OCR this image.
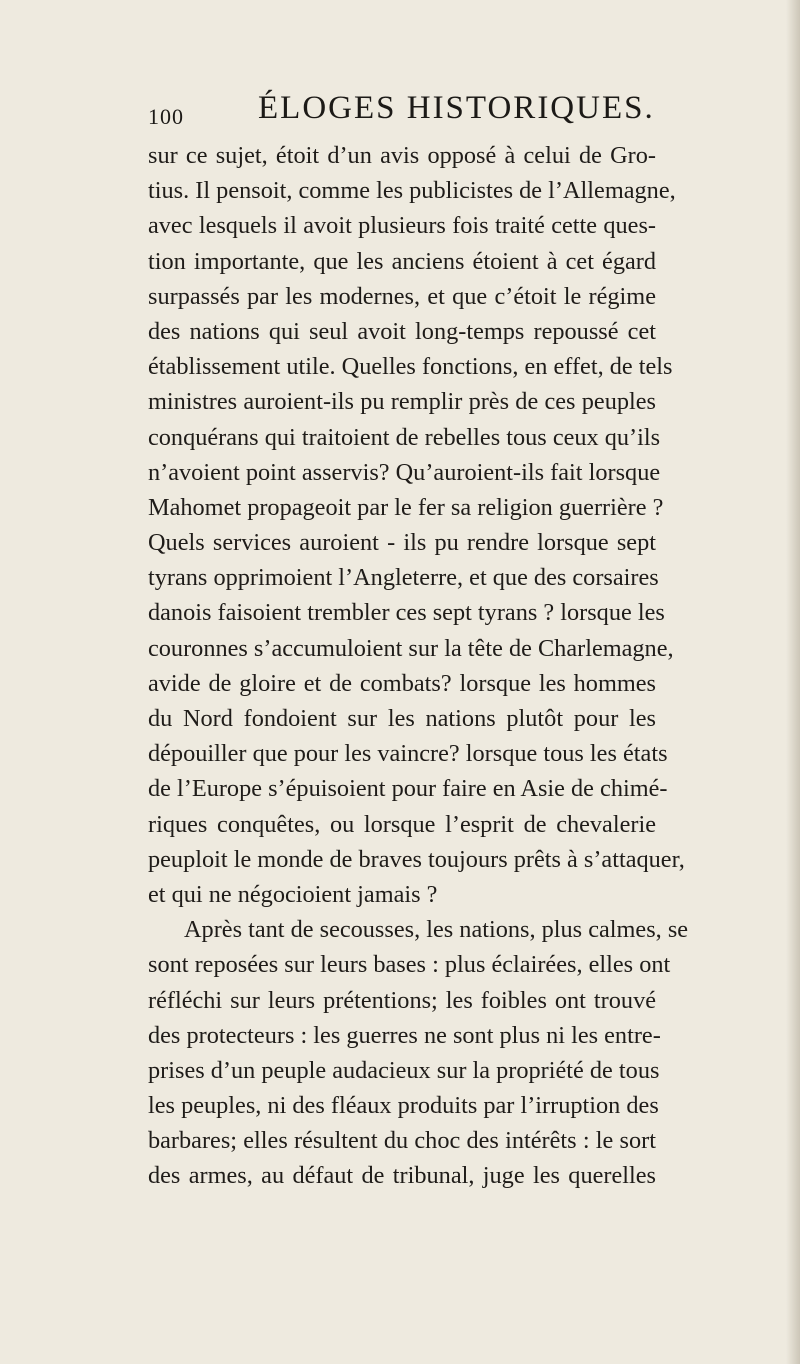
100 ÉLOGES HISTORIQUES.
sur ce sujet, étoit d’un avis opposé à celui de Gro-
tius. Il pensoit, comme les publicistes de l’Allemagne,
avec lesquels il avoit plusieurs fois traité cette ques-
tion importante, que les anciens étoient à cet égard
surpassés par les modernes, et que c’étoit le régime
des nations qui seul avoit long-temps repoussé cet
établissement utile. Quelles fonctions, en effet, de tels
ministres auroient-ils pu remplir près de ces peuples
conquérans qui traitoient de rebelles tous ceux qu’ils
n’avoient point asservis? Qu’auroient-ils fait lorsque
Mahomet propageoit par le fer sa religion guerrière ?
Quels services auroient - ils pu rendre lorsque sept
tyrans opprimoient l’Angleterre, et que des corsaires
danois faisoient trembler ces sept tyrans ? lorsque les
couronnes s’accumuloient sur la tête de Charlemagne,
avide de gloire et de combats? lorsque les hommes
du Nord fondoient sur les nations plutôt pour les
dépouiller que pour les vaincre? lorsque tous les états
de l’Europe s’épuisoient pour faire en Asie de chimé-
riques conquêtes, ou lorsque l’esprit de chevalerie
peuploit le monde de braves toujours prêts à s’attaquer,
et qui ne négocioient jamais ?
Après tant de secousses, les nations, plus calmes, se
sont reposées sur leurs bases : plus éclairées, elles ont
réfléchi sur leurs prétentions; les foibles ont trouvé
des protecteurs : les guerres ne sont plus ni les entre-
prises d’un peuple audacieux sur la propriété de tous
les peuples, ni des fléaux produits par l’irruption des
barbares; elles résultent du choc des intérêts : le sort
des armes, au défaut de tribunal, juge les querelles
